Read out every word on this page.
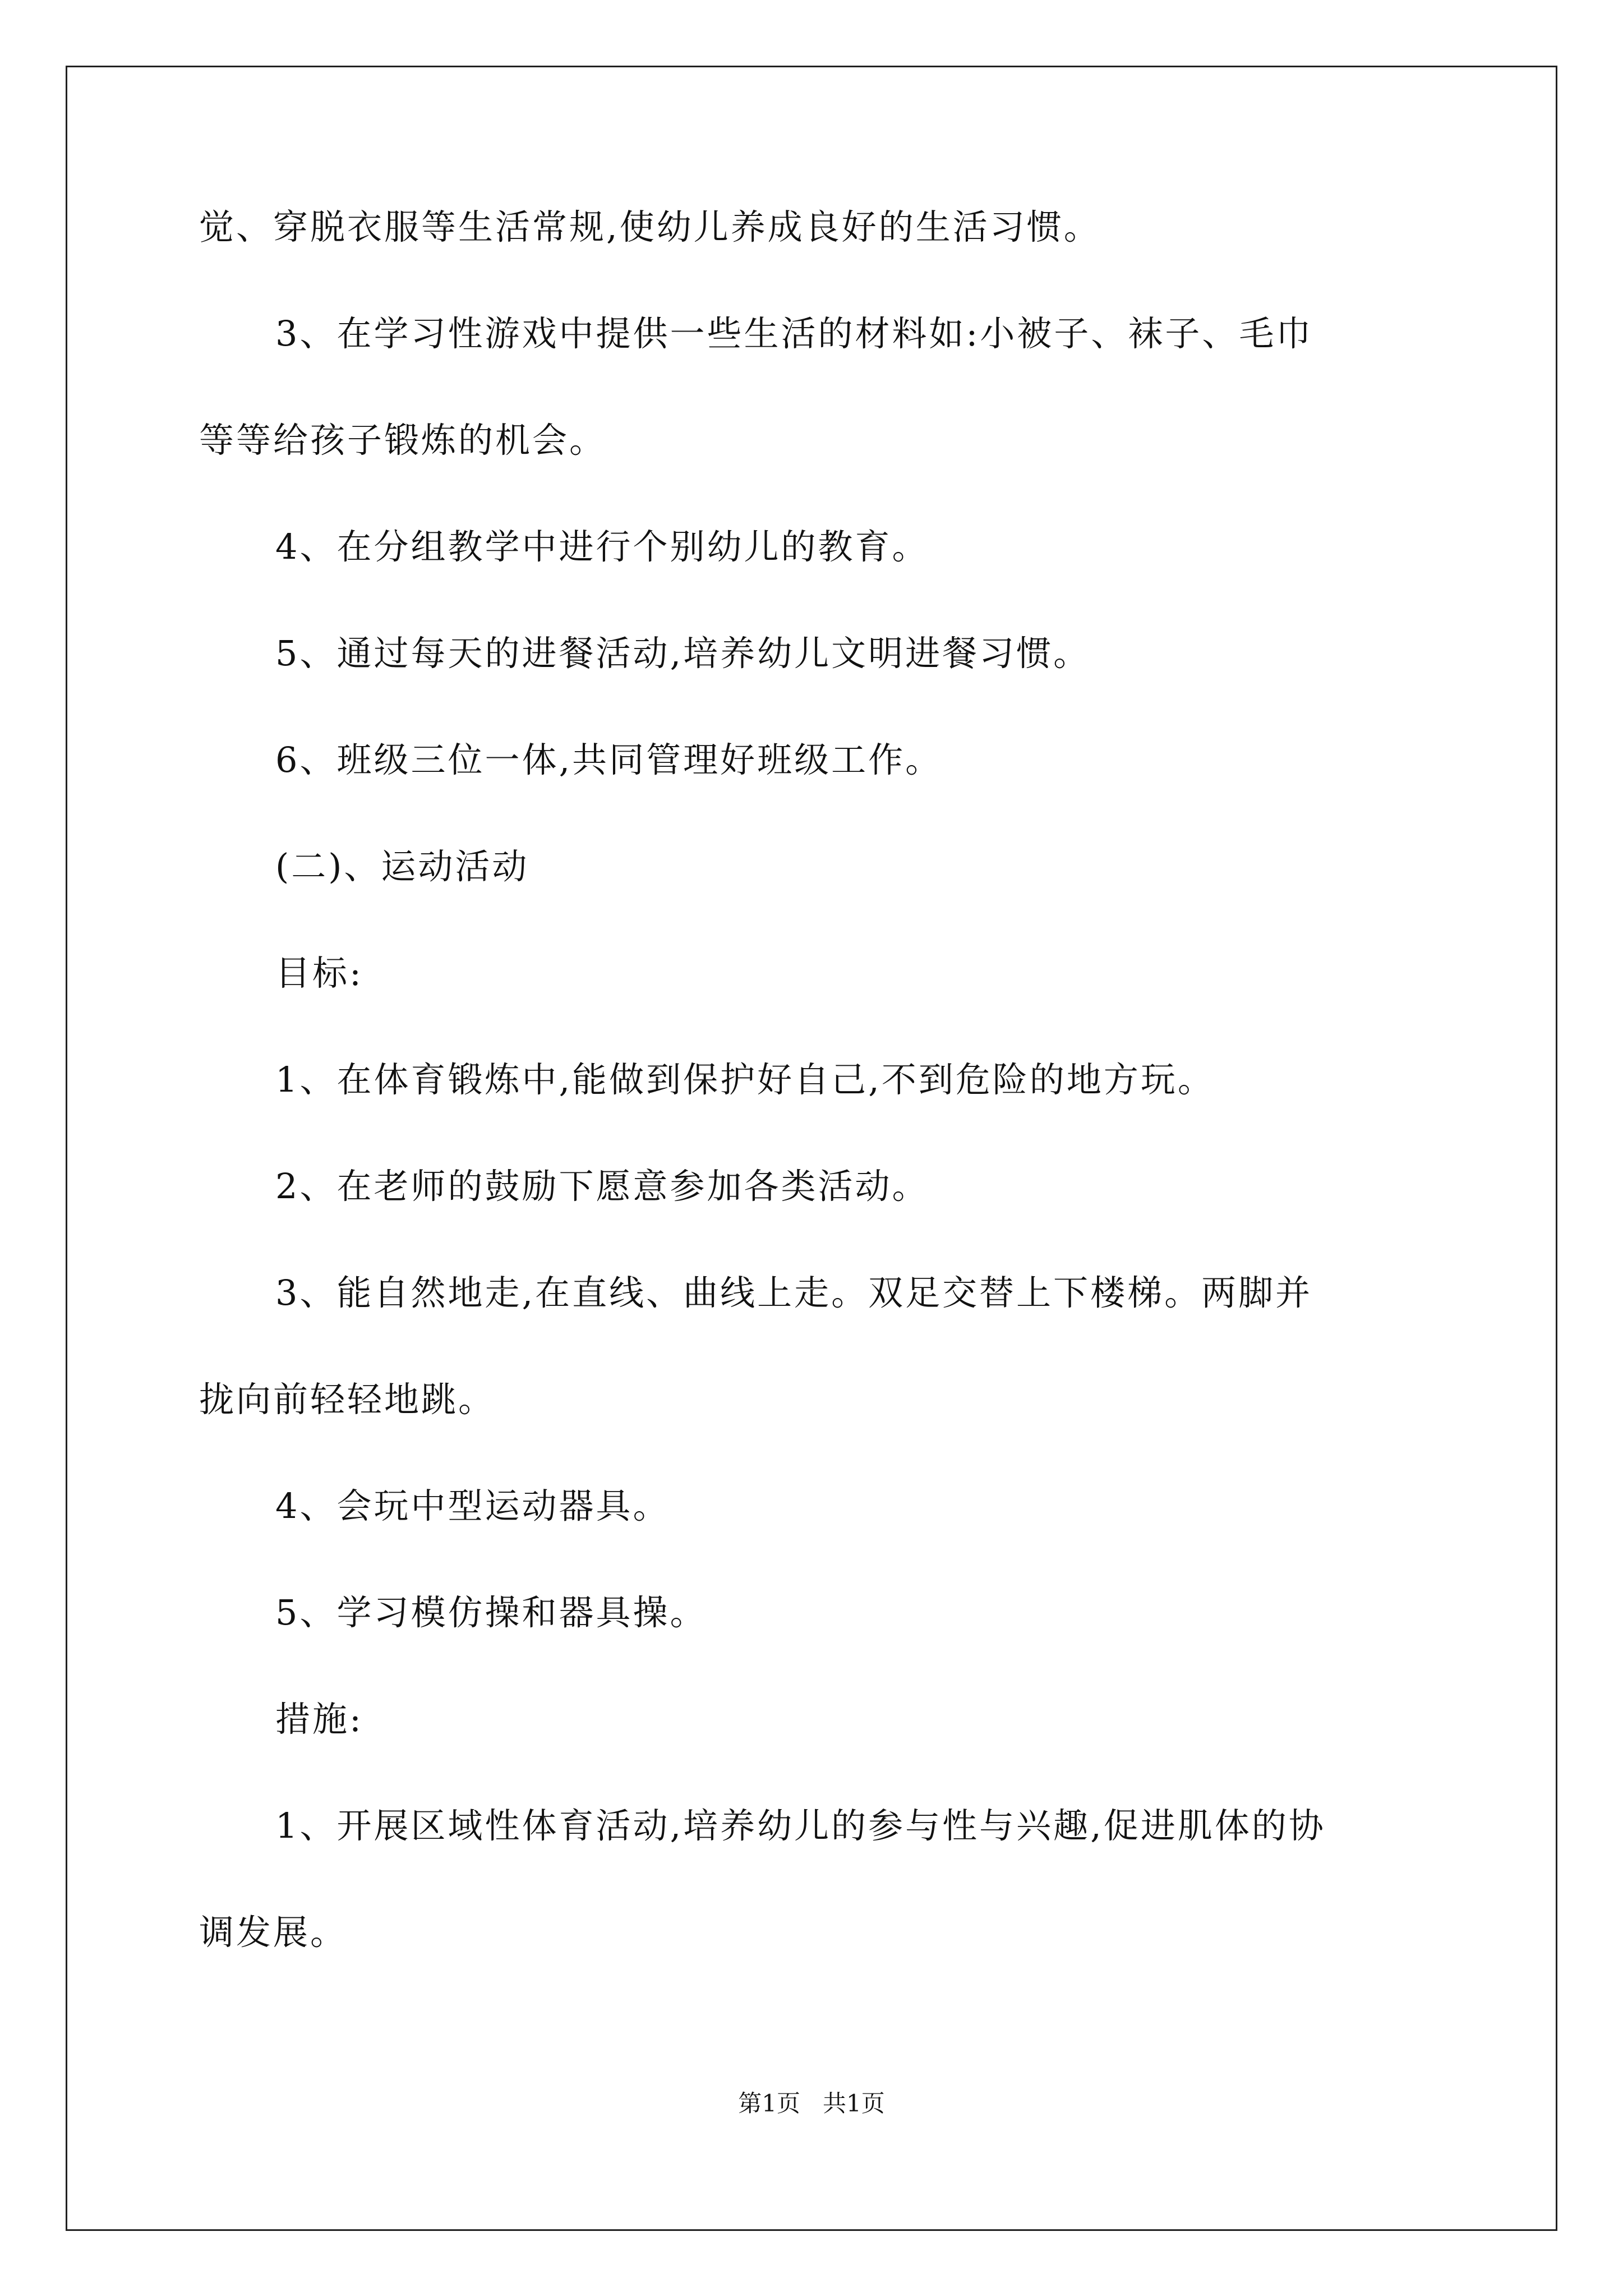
觉、穿脱衣服等生活常规,使幼儿养成良好的生活习惯。
3、在学习性游戏中提供一些生活的材料如:小被子、袜子、毛巾
等等给孩子锻炼的机会。
4、在分组教学中进行个别幼儿的教育。
5、通过每天的进餐活动,培养幼儿文明进餐习惯。
6、班级三位一体,共同管理好班级工作。
(二)、运动活动
目标:
1、在体育锻炼中,能做到保护好自己,不到危险的地方玩。
2、在老师的鼓励下愿意参加各类活动。
3、能自然地走,在直线、曲线上走。双足交替上下楼梯。两脚并
拢向前轻轻地跳。
4、会玩中型运动器具。
5、学习模仿操和器具操。
措施:
1、开展区域性体育活动,培养幼儿的参与性与兴趣,促进肌体的协
调发展。
第1页   共1页
